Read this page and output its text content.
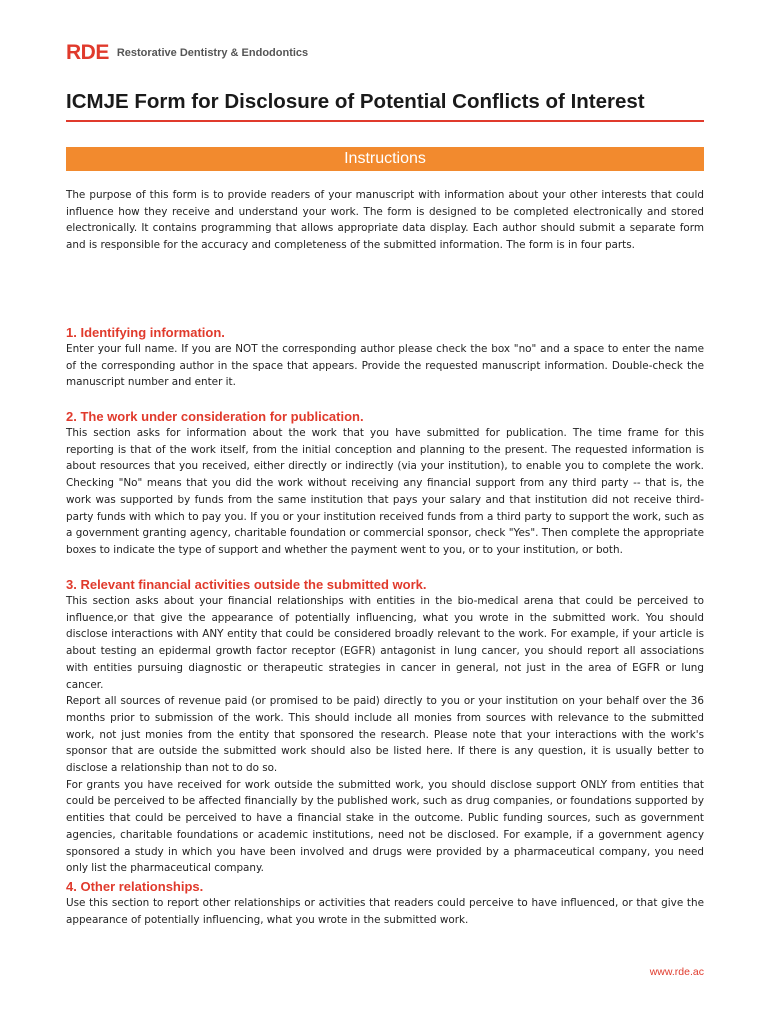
RDE Restorative Dentistry & Endodontics
ICMJE Form for Disclosure of Potential Conflicts of Interest
Instructions

The purpose of this form is to provide readers of your manuscript with information about your other interests that could influence how they receive and understand your work. The form is designed to be completed electronically and stored electronically. It contains programming that allows appropriate data display. Each author should submit a separate form and is responsible for the accuracy and completeness of the submitted information. The form is in four parts.

1. Identifying information.

Enter your full name. If you are NOT the corresponding author please check the box "no" and a space to enter the name of the corresponding author in the space that appears. Provide the requested manuscript information. Double-check the manuscript number and enter it.

2. The work under consideration for publication.

This section asks for information about the work that you have submitted for publication. The time frame for this reporting is that of the work itself, from the initial conception and planning to the present. The requested information is about resources that you received, either directly or indirectly (via your institution), to enable you to complete the work. Checking "No" means that you did the work without receiving any financial support from any third party -- that is, the work was supported by funds from the same institution that pays your salary and that institution did not receive third-party funds with which to pay you. If you or your institution received funds from a third party to support the work, such as a government granting agency, charitable foundation or commercial sponsor, check "Yes". Then complete the appropriate boxes to indicate the type of support and whether the payment went to you, or to your institution, or both.

3. Relevant financial activities outside the submitted work.

This section asks about your financial relationships with entities in the bio-medical arena that could be perceived to influence,or that give the appearance of potentially influencing, what you wrote in the submitted work. You should disclose interactions with ANY entity that could be considered broadly relevant to the work. For example, if your article is about testing an epidermal growth factor receptor (EGFR) antagonist in lung cancer, you should report all associations with entities pursuing diagnostic or therapeutic strategies in cancer in general, not just in the area of EGFR or lung cancer.

Report all sources of revenue paid (or promised to be paid) directly to you or your institution on your behalf over the 36 months prior to submission of the work. This should include all monies from sources with relevance to the submitted work, not just monies from the entity that sponsored the research. Please note that your interactions with the work's sponsor that are outside the submitted work should also be listed here. If there is any question, it is usually better to disclose a relationship than not to do so.

For grants you have received for work outside the submitted work, you should disclose support ONLY from entities that could be perceived to be affected financially by the published work, such as drug companies, or foundations supported by entities that could be perceived to have a financial stake in the outcome. Public funding sources, such as government agencies, charitable foundations or academic institutions, need not be disclosed. For example, if a government agency sponsored a study in which you have been involved and drugs were provided by a pharmaceutical company, you need only list the pharmaceutical company.

4. Other relationships.

Use this section to report other relationships or activities that readers could perceive to have influenced, or that give the appearance of potentially influencing, what you wrote in the submitted work.

www.rde.ac
